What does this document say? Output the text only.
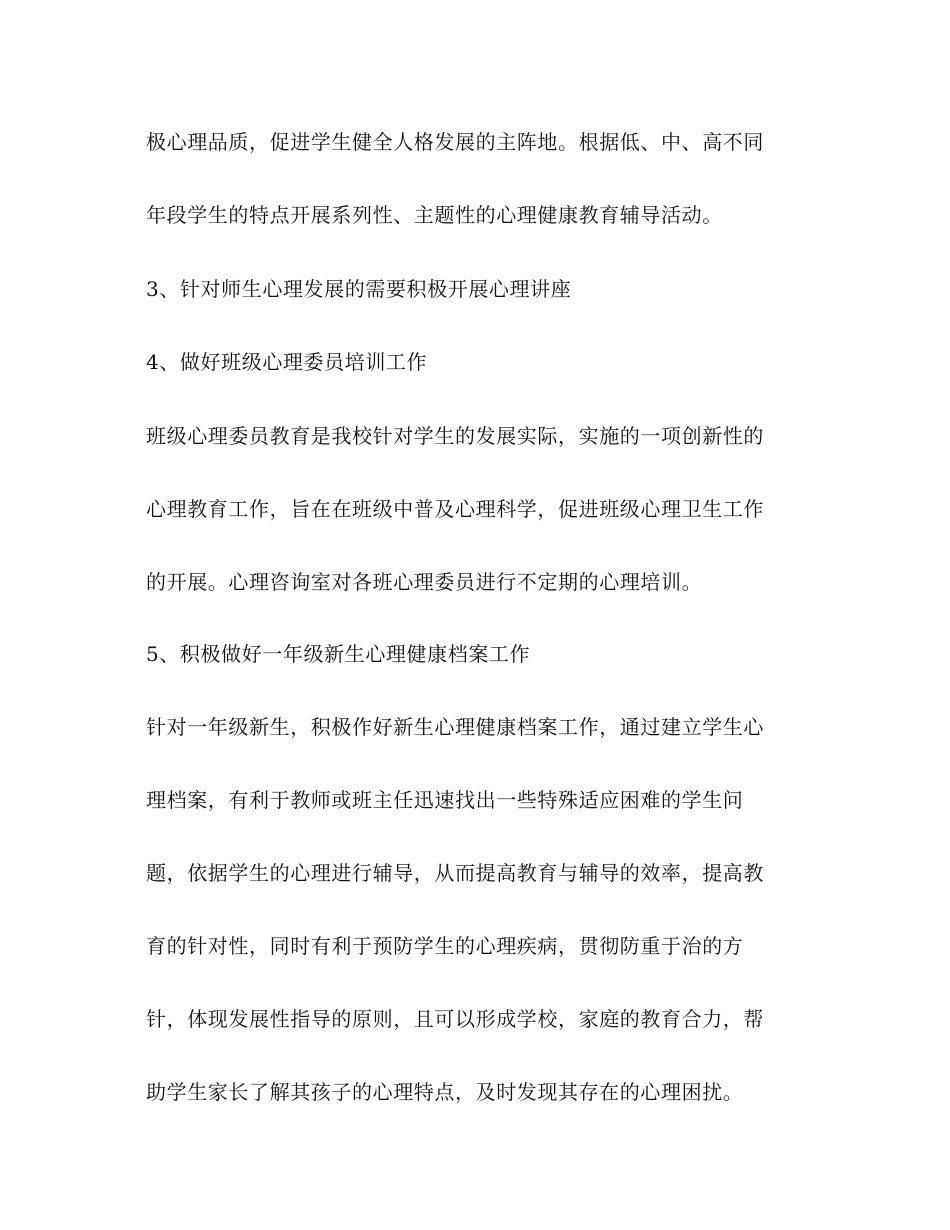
极心理品质，促进学生健全人格发展的主阵地。根据低、中、高不同

年段学生的特点开展系列性、主题性的心理健康教育辅导活动。

3、针对师生心理发展的需要积极开展心理讲座

4、做好班级心理委员培训工作

班级心理委员教育是我校针对学生的发展实际，实施的一项创新性的

心理教育工作，旨在在班级中普及心理科学，促进班级心理卫生工作

的开展。心理咨询室对各班心理委员进行不定期的心理培训。

5、积极做好一年级新生心理健康档案工作

针对一年级新生，积极作好新生心理健康档案工作，通过建立学生心

理档案，有利于教师或班主任迅速找出一些特殊适应困难的学生问

题，依据学生的心理进行辅导，从而提高教育与辅导的效率，提高教

育的针对性，同时有利于预防学生的心理疾病，贯彻防重于治的方

针，体现发展性指导的原则，且可以形成学校，家庭的教育合力，帮

助学生家长了解其孩子的心理特点，及时发现其存在的心理困扰。
